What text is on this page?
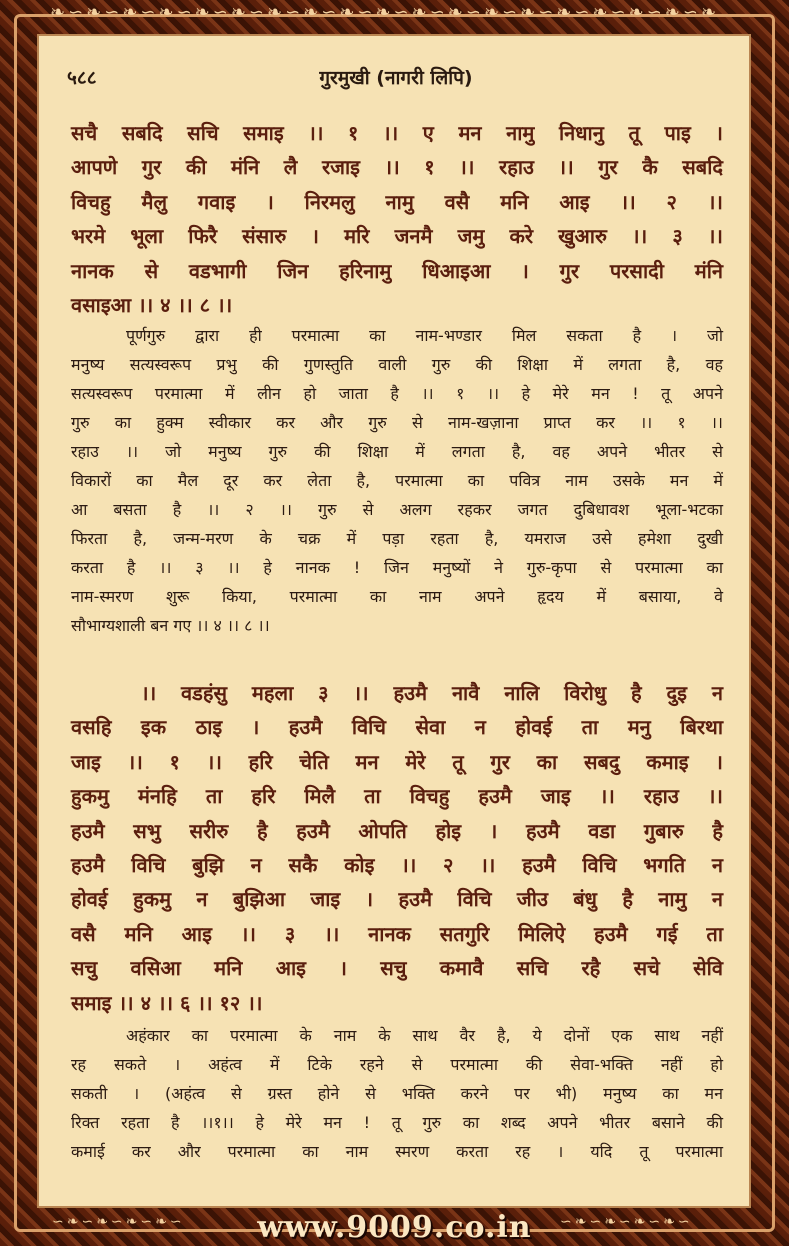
❧∽❧∽❧∽❧∽❧∽❧∽❧∽❧∽❧∽❧∽❧∽❧∽❧∽❧∽❧∽❧∽❧∽❧∽❧
∽❧∽❧∽❧∽❧∽	∽❧∽❧∽❧∽❧∽
५८८	गुरमुखी (नागरी लिपि)
सचै सबदि सचि समाइ ।। १ ।। ए मन नामु निधानु तू पाइ ।
आपणे गुर की मंनि लै रजाइ ।। १ ।। रहाउ ।। गुर कै सबदि
विचहु मैलु गवाइ । निरमलु नामु वसै मनि आइ ।। २ ।।
भरमे भूला फिरै संसारु । मरि जनमै जमु करे खुआरु ।। ३ ।।
नानक से वडभागी जिन हरिनामु धिआइआ । गुर परसादी मंनि
वसाइआ ।। ४ ।। ८ ।।
पूर्णगुरु द्वारा ही परमात्मा का नाम-भण्डार मिल सकता है । जो
मनुष्य सत्यस्वरूप प्रभु की गुणस्तुति वाली गुरु की शिक्षा में लगता है, वह
सत्यस्वरूप परमात्मा में लीन हो जाता है ।। १ ।। हे मेरे मन ! तू अपने
गुरु का हुक्म स्वीकार कर और गुरु से नाम-खज़ाना प्राप्त कर ।। १ ।।
रहाउ ।। जो मनुष्य गुरु की शिक्षा में लगता है, वह अपने भीतर से
विकारों का मैल दूर कर लेता है, परमात्मा का पवित्र नाम उसके मन में
आ बसता है ।। २ ।। गुरु से अलग रहकर जगत दुबिधावश भूला-भटका
फिरता है, जन्म-मरण के चक्र में पड़ा रहता है, यमराज उसे हमेशा दुखी
करता है ।। ३ ।। हे नानक ! जिन मनुष्यों ने गुरु-कृपा से परमात्मा का
नाम-स्मरण शुरू किया, परमात्मा का नाम अपने हृदय में बसाया, वे
सौभाग्यशाली बन गए ।। ४ ।। ८ ।।
।। वडहंसु महला ३ ।। हउमै नावै नालि विरोधु है दुइ न
वसहि इक ठाइ । हउमै विचि सेवा न होवई ता मनु बिरथा
जाइ ।। १ ।। हरि चेति मन मेरे तू गुर का सबदु कमाइ ।
हुकमु मंनहि ता हरि मिलै ता विचहु हउमै जाइ ।। रहाउ ।।
हउमै सभु सरीरु है हउमै ओपति होइ । हउमै वडा गुबारु है
हउमै विचि बुझि न सकै कोइ ।। २ ।। हउमै विचि भगति न
होवई हुकमु न बुझिआ जाइ । हउमै विचि जीउ बंधु है नामु न
वसै मनि आइ ।। ३ ।। नानक सतगुरि मिलिऐ हउमै गई ता
सचु वसिआ मनि आइ । सचु कमावै सचि रहै सचे सेवि
समाइ ।। ४ ।। ६ ।। १२ ।।
अहंकार का परमात्मा के नाम के साथ वैर है, ये दोनों एक साथ नहीं
रह सकते । अहंत्व में टिके रहने से परमात्मा की सेवा-भक्ति नहीं हो
सकती । (अहंत्व से ग्रस्त होने से भक्ति करने पर भी) मनुष्य का मन
रिक्त रहता है ।।१।। हे मेरे मन ! तू गुरु का शब्द अपने भीतर बसाने की
कमाई कर और परमात्मा का नाम स्मरण करता रह । यदि तू परमात्मा
www.9009.co.in
